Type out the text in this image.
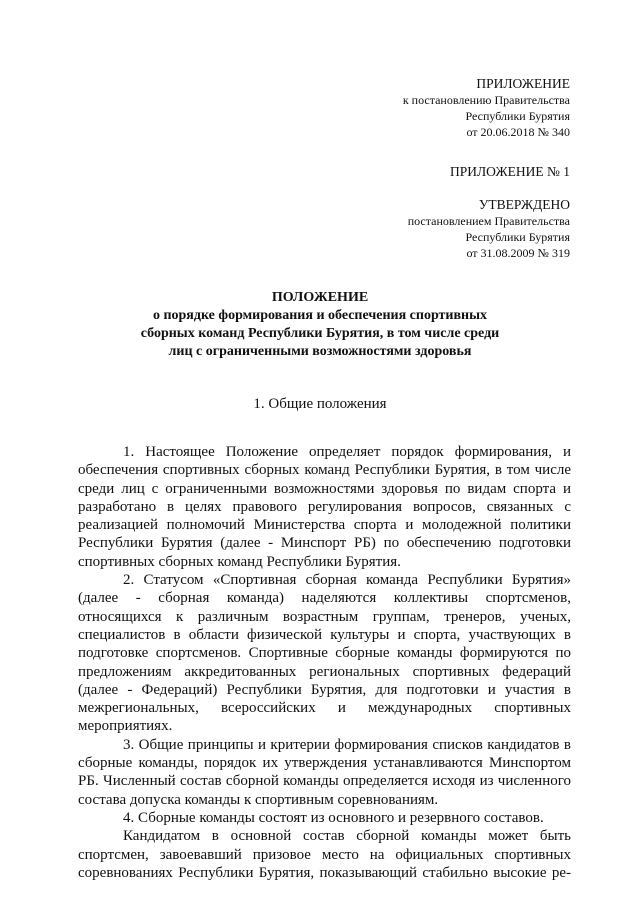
ПРИЛОЖЕНИЕ
к постановлению Правительства
Республики Бурятия
от 20.06.2018 № 340
ПРИЛОЖЕНИЕ № 1
УТВЕРЖДЕНО
постановлением Правительства
Республики Бурятия
от 31.08.2009 № 319
ПОЛОЖЕНИЕ
о порядке формирования и обеспечения спортивных
сборных команд Республики Бурятия, в том числе среди
лиц с ограниченными возможностями здоровья
1. Общие положения

1. Настоящее Положение определяет порядок формирования, и обеспечения спортивных сборных команд Республики Бурятия, в том числе среди лиц с ограниченными возможностями здоровья по видам спорта и разработано в целях правового регулирования вопросов, связанных с реализацией полномочий Министерства спорта и молодежной политики Республики Бурятия (далее - Минспорт РБ) по обеспечению подготовки спортивных сборных команд Республики Бурятия.

2. Статусом «Спортивная сборная команда Республики Бурятия» (далее - сборная команда) наделяются коллективы спортсменов, относящихся к различным возрастным группам, тренеров, ученых, специалистов в области физической культуры и спорта, участвующих в подготовке спортсменов. Спортивные сборные команды формируются по предложениям аккредитованных региональных спортивных федераций (далее - Федераций) Республики Бурятия, для подготовки и участия в межрегиональных, всероссийских и международных спортивных мероприятиях.

3. Общие принципы и критерии формирования списков кандидатов в сборные команды, порядок их утверждения устанавливаются Минспортом РБ. Численный состав сборной команды определяется исходя из численного состава допуска команды к спортивным соревнованиям.

4. Сборные команды состоят из основного и резервного составов.

Кандидатом в основной состав сборной команды может быть спортсмен, завоевавший призовое место на официальных спортивных соревнованиях Республики Бурятия, показывающий стабильно высокие ре-
